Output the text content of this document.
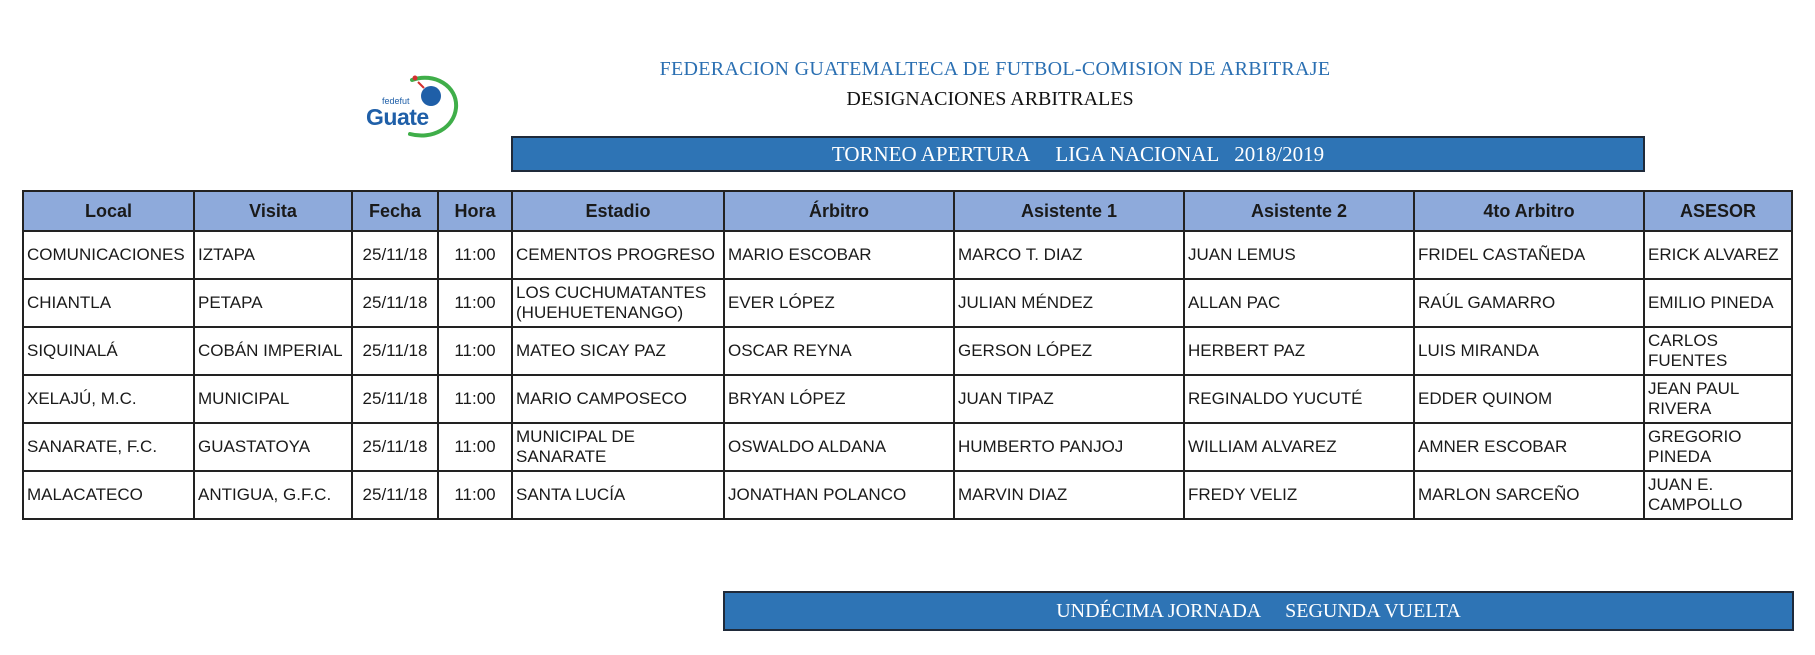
fedefut
Guate
FEDERACION GUATEMALTECA DE FUTBOL-COMISION DE ARBITRAJE
DESIGNACIONES ARBITRALES
TORNEO APERTURA     LIGA NACIONAL   2018/2019
Local	Visita	Fecha	Hora	Estadio	Árbitro	Asistente 1	Asistente 2	4to Arbitro	ASESOR
COMUNICACIONES	IZTAPA	25/11/18	11:00	CEMENTOS PROGRESO	MARIO ESCOBAR	MARCO T. DIAZ	JUAN LEMUS	FRIDEL CASTAÑEDA	ERICK ALVAREZ
CHIANTLA	PETAPA	25/11/18	11:00	LOS CUCHUMATANTES (HUEHUETENANGO)	EVER LÓPEZ	JULIAN MÉNDEZ	ALLAN PAC	RAÚL GAMARRO	EMILIO PINEDA
SIQUINALÁ	COBÁN IMPERIAL	25/11/18	11:00	MATEO SICAY PAZ	OSCAR REYNA	GERSON LÓPEZ	HERBERT PAZ	LUIS MIRANDA	CARLOS FUENTES
XELAJÚ, M.C.	MUNICIPAL	25/11/18	11:00	MARIO CAMPOSECO	BRYAN LÓPEZ	JUAN TIPAZ	REGINALDO YUCUTÉ	EDDER QUINOM	JEAN PAUL RIVERA
SANARATE, F.C.	GUASTATOYA	25/11/18	11:00	MUNICIPAL DE SANARATE	OSWALDO ALDANA	HUMBERTO PANJOJ	WILLIAM ALVAREZ	AMNER ESCOBAR	GREGORIO PINEDA
MALACATECO	ANTIGUA, G.F.C.	25/11/18	11:00	SANTA LUCÍA	JONATHAN POLANCO	MARVIN DIAZ	FREDY VELIZ	MARLON SARCEÑO	JUAN E. CAMPOLLO
UNDÉCIMA JORNADA     SEGUNDA VUELTA
